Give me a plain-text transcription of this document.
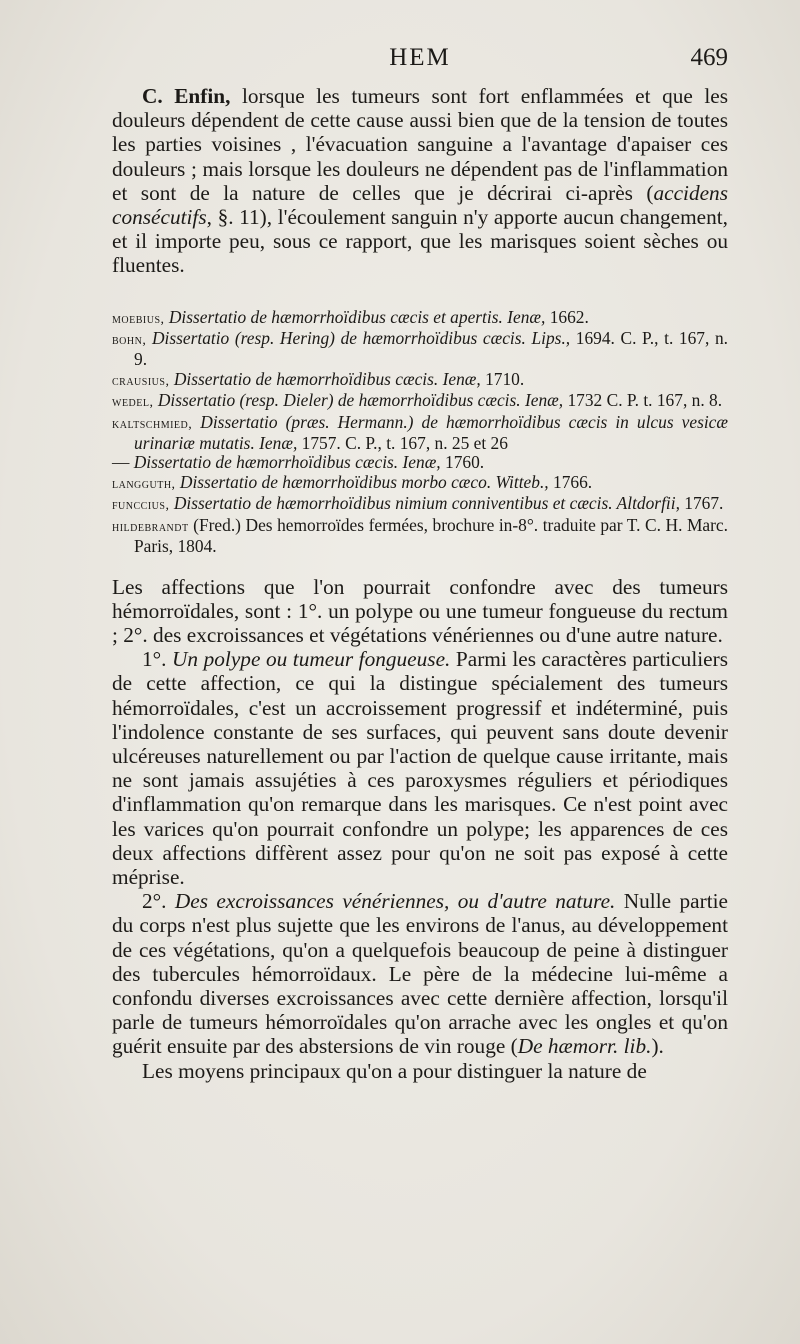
HEM	469

C. Enfin, lorsque les tumeurs sont fort enflammées et que les douleurs dépendent de cette cause aussi bien que de la tension de toutes les parties voisines , l'évacuation sanguine a l'avantage d'apaiser ces douleurs ; mais lorsque les douleurs ne dépendent pas de l'inflammation et sont de la nature de celles que je décrirai ci-après (accidens consécutifs, §. 11), l'écoulement sanguin n'y apporte aucun changement, et il importe peu, sous ce rapport, que les marisques soient sèches ou fluentes.

moebius, Dissertatio de hæmorrhoïdibus cæcis et apertis. Ienæ, 1662.

bohn, Dissertatio (resp. Hering) de hæmorrhoïdibus cæcis. Lips., 1694. C. P., t. 167, n. 9.

crausius, Dissertatio de hæmorrhoïdibus cæcis. Ienæ, 1710.

wedel, Dissertatio (resp. Dieler) de hæmorrhoïdibus cæcis. Ienæ, 1732 C. P. t. 167, n. 8.

kaltschmied, Dissertatio (præs. Hermann.) de hæmorrhoïdibus cæcis in ulcus vesicæ urinariæ mutatis. Ienæ, 1757. C. P., t. 167, n. 25 et 26

— Dissertatio de hæmorrhoïdibus cæcis. Ienæ, 1760.

langguth, Dissertatio de hæmorrhoïdibus morbo cæco. Witteb., 1766.

funccius, Dissertatio de hæmorrhoïdibus nimium conniventibus et cæcis. Altdorfii, 1767.

hildebrandt (Fred.) Des hemorroïdes fermées, brochure in-8°. traduite par T. C. H. Marc. Paris, 1804.

Les affections que l'on pourrait confondre avec des tumeurs hémorroïdales, sont : 1°. un polype ou une tumeur fongueuse du rectum ; 2°. des excroissances et végétations vénériennes ou d'une autre nature.

1°. Un polype ou tumeur fongueuse. Parmi les caractères particuliers de cette affection, ce qui la distingue spécialement des tumeurs hémorroïdales, c'est un accroissement progressif et indéterminé, puis l'indolence constante de ses surfaces, qui peuvent sans doute devenir ulcéreuses naturellement ou par l'action de quelque cause irritante, mais ne sont jamais assujéties à ces paroxysmes réguliers et périodiques d'inflammation qu'on remarque dans les marisques. Ce n'est point avec les varices qu'on pourrait confondre un polype; les apparences de ces deux affections diffèrent assez pour qu'on ne soit pas exposé à cette méprise.

2°. Des excroissances vénériennes, ou d'autre nature. Nulle partie du corps n'est plus sujette que les environs de l'anus, au développement de ces végétations, qu'on a quelquefois beaucoup de peine à distinguer des tubercules hémorroïdaux. Le père de la médecine lui-même a confondu diverses excroissances avec cette dernière affection, lorsqu'il parle de tumeurs hémorroïdales qu'on arrache avec les ongles et qu'on guérit ensuite par des abstersions de vin rouge (De hæmorr. lib.).

Les moyens principaux qu'on a pour distinguer la nature de
